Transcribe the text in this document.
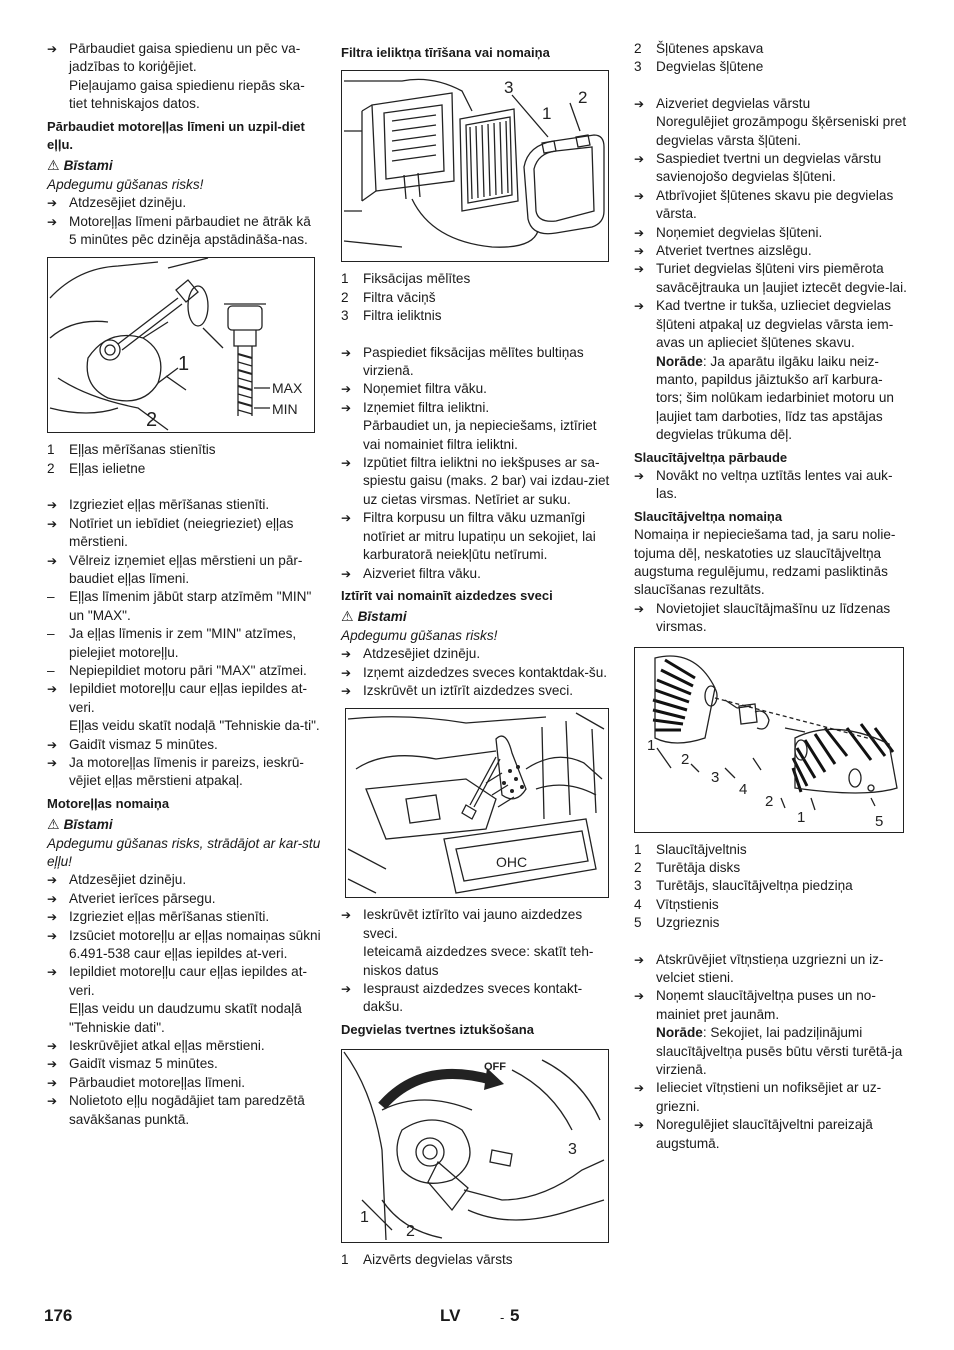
➔ Pārbaudiet gaisa spiedienu un pēc va-jadzības to koriģējiet.

Pieļaujamo gaisa spiedienu riepās ska-tiet tehniskajos datos.

Pārbaudiet motoreļļas līmeni un uzpil-diet eļļu.

⚠ Bīstami

Apdegumu gūšanas risks!

➔ Atdzesējiet dzinēju.

➔ Motoreļļas līmeni pārbaudiet ne ātrāk kā 5 minūtes pēc dzinēja apstādināša-nas.

1
2
MAX
MIN
1 Eļļas mērīšanas stienītis
2 Eļļas ielietne

➔ Izgrieziet eļļas mērīšanas stienīti.

➔ Notīriet un iebīdiet (neiegrieziet) eļļas mērstieni.

➔ Vēlreiz izņemiet eļļas mērstieni un pār-baudiet eļļas līmeni.

– Eļļas līmenim jābūt starp atzīmēm "MIN" un "MAX".

– Ja eļļas līmenis ir zem "MIN" atzīmes, pielejiet motoreļļu.

– Nepiepildiet motoru pāri "MAX" atzīmei.

➔ Iepildiet motoreļļu caur eļļas iepildes at-veri.

Eļļas veidu skatīt nodaļā "Tehniskie da-ti".

➔ Gaidīt vismaz 5 minūtes.

➔ Ja motoreļļas līmenis ir pareizs, ieskrū-vējiet eļļas mērstieni atpakaļ.

Motoreļļas nomaiņa

⚠ Bīstami

Apdegumu gūšanas risks, strādājot ar kar-stu eļļu!

➔ Atdzesējiet dzinēju.

➔ Atveriet ierīces pārsegu.

➔ Izgrieziet eļļas mērīšanas stienīti.

➔ Izsūciet motoreļļu ar eļļas nomaiņas sūkni 6.491-538 caur eļļas iepildes at-veri.

➔ Iepildiet motoreļļu caur eļļas iepildes at-veri.

Eļļas veidu un daudzumu skatīt nodaļā "Tehniskie dati".

➔ Ieskrūvējiet atkal eļļas mērstieni.

➔ Gaidīt vismaz 5 minūtes.

➔ Pārbaudiet motoreļļas līmeni.

➔ Nolietoto eļļu nogādājiet tam paredzētā savākšanas punktā.

Filtra ieliktņa tīrīšana vai nomaiņa

3
1
2
1 Fiksācijas mēlītes
2 Filtra vāciņš
3 Filtra ieliktnis

➔ Paspiediet fiksācijas mēlītes bultiņas virzienā.

➔ Noņemiet filtra vāku.

➔ Izņemiet filtra ieliktni.

Pārbaudiet un, ja nepieciešams, iztīriet vai nomainiet filtra ieliktni.

➔ Izpūtiet filtra ieliktni no iekšpuses ar sa-spiestu gaisu (maks. 2 bar) vai izdau-ziet uz cietas virsmas. Netīriet ar suku.

➔ Filtra korpusu un filtra vāku uzmanīgi notīriet ar mitru lupatiņu un sekojiet, lai karburatorā neiekļūtu netīrumi.

➔ Aizveriet filtra vāku.

Iztīrīt vai nomainīt aizdedzes sveci

⚠ Bīstami

Apdegumu gūšanas risks!

➔ Atdzesējiet dzinēju.

➔ Izņemt aizdedzes sveces kontaktdak-šu.

➔ Izskrūvēt un iztīrīt aizdedzes sveci.

OHC

➔ Ieskrūvēt iztīrīto vai jauno aizdedzes sveci.

Ieteicamā aizdedzes svece: skatīt teh-niskos datus

➔ Iespraust aizdedzes sveces kontakt-dakšu.

Degvielas tvertnes iztukšošana

OFF
1
2
3
1 Aizvērts degvielas vārsts
2 Šļūtenes apskava
3 Degvielas šļūtene

➔ Aizveriet degvielas vārstu

Noregulējiet grozāmpogu šķērseniski pret degvielas vārsta šļūteni.

➔ Saspiediet tvertni un degvielas vārstu savienojošo degvielas šļūteni.

➔ Atbrīvojiet šļūtenes skavu pie degvielas vārsta.

➔ Noņemiet degvielas šļūteni.

➔ Atveriet tvertnes aizslēgu.

➔ Turiet degvielas šļūteni virs piemērota savācējtrauka un ļaujiet iztecēt degvie-lai.

➔ Kad tvertne ir tukša, uzlieciet degvielas šļūteni atpakaļ uz degvielas vārsta iem-avas un aplieciet šļūtenes skavu.

Norāde: Ja aparātu ilgāku laiku neiz-manto, papildus jāiztukšo arī karbura-tors; šim nolūkam iedarbiniet motoru un ļaujiet tam darboties, līdz tas apstājas degvielas trūkuma dēļ.

Slaucītājveltņa pārbaude

➔ Novākt no veltņa uztītās lentes vai auk-las.

Slaucītājveltņa nomaiņa

Nomaiņa ir nepieciešama tad, ja saru nolie-tojuma dēļ, neskatoties uz slaucītājveltņa augstuma regulējumu, redzami pasliktinās slaucīšanas rezultāts.

➔ Novietojiet slaucītājmašīnu uz līdzenas virsmas.

1
2
3
4
2
1	5
1 Slaucītājveltnis
2 Turētāja disks
3 Turētājs, slaucītājveltņa piedziņa
4 Vītņstienis
5 Uzgrieznis

➔ Atskrūvējiet vītņstieņa uzgriezni un iz-velciet stieni.

➔ Noņemt slaucītājveltņa puses un no-mainiet pret jaunām.

Norāde: Sekojiet, lai padziļinājumi slaucītājveltņa pusēs būtu vērsti turētā-ja virzienā.

➔ Ielieciet vītņstieni un nofiksējiet ar uz-griezni.

➔ Noregulējiet slaucītājveltni pareizajā augstumā.

176	LV	- 5
